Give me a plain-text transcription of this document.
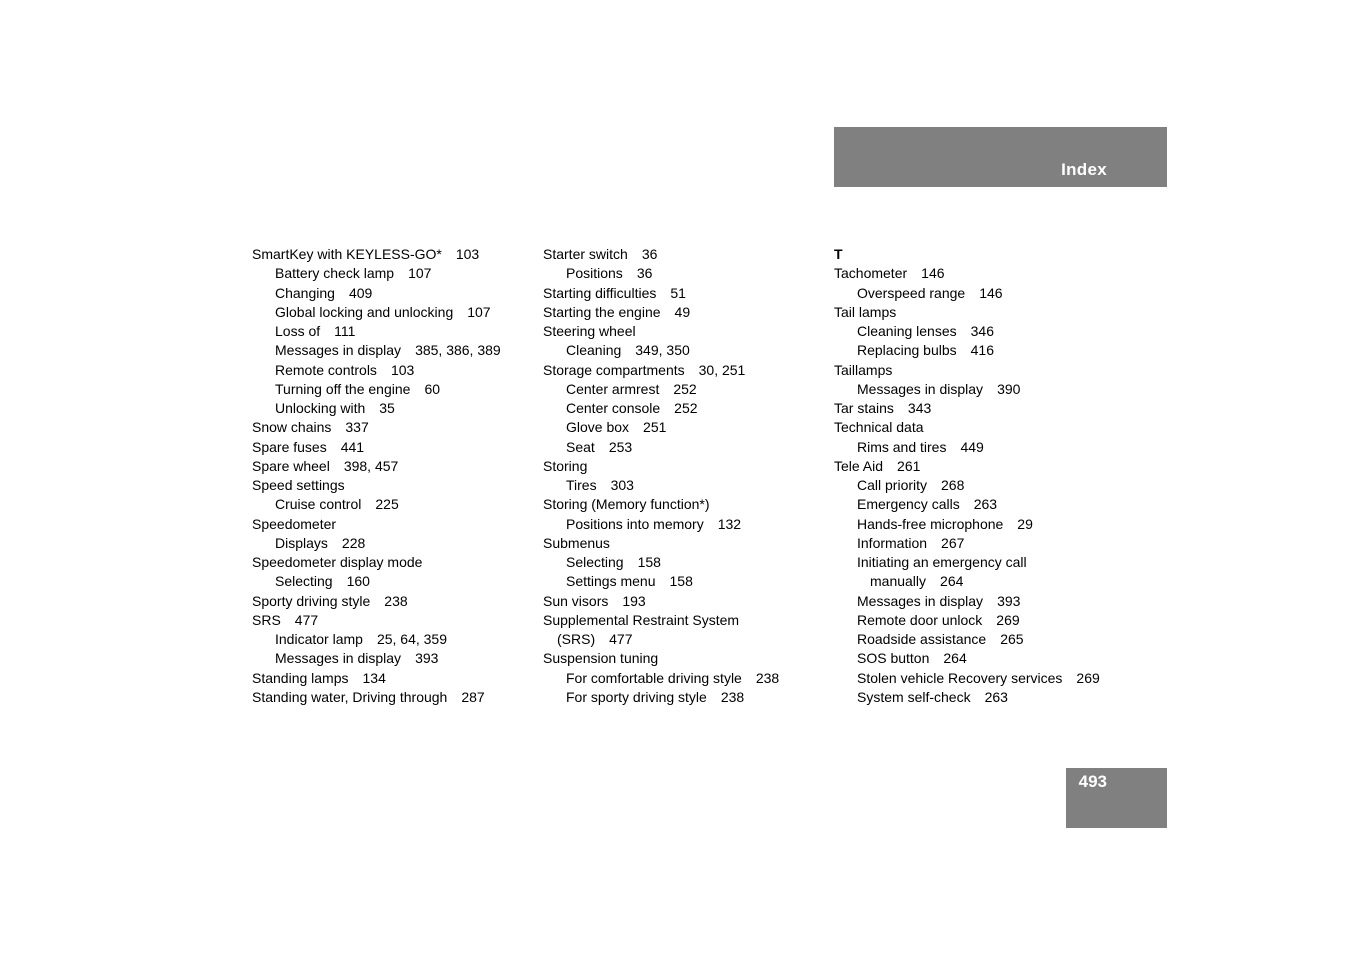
Index
SmartKey with KEYLESS-GO* 103
Battery check lamp 107
Changing 409
Global locking and unlocking 107
Loss of 111
Messages in display 385, 386, 389
Remote controls 103
Turning off the engine 60
Unlocking with 35
Snow chains 337
Spare fuses 441
Spare wheel 398, 457
Speed settings
Cruise control 225
Speedometer
Displays 228
Speedometer display mode
Selecting 160
Sporty driving style 238
SRS 477
Indicator lamp 25, 64, 359
Messages in display 393
Standing lamps 134
Standing water, Driving through 287
Starter switch 36
Positions 36
Starting difficulties 51
Starting the engine 49
Steering wheel
Cleaning 349, 350
Storage compartments 30, 251
Center armrest 252
Center console 252
Glove box 251
Seat 253
Storing
Tires 303
Storing (Memory function*)
Positions into memory 132
Submenus
Selecting 158
Settings menu 158
Sun visors 193
Supplemental Restraint System
(SRS) 477
Suspension tuning
For comfortable driving style 238
For sporty driving style 238
T
Tachometer 146
Overspeed range 146
Tail lamps
Cleaning lenses 346
Replacing bulbs 416
Taillamps
Messages in display 390
Tar stains 343
Technical data
Rims and tires 449
Tele Aid 261
Call priority 268
Emergency calls 263
Hands-free microphone 29
Information 267
Initiating an emergency call
manually 264
Messages in display 393
Remote door unlock 269
Roadside assistance 265
SOS button 264
Stolen vehicle Recovery services 269
System self-check 263
493
